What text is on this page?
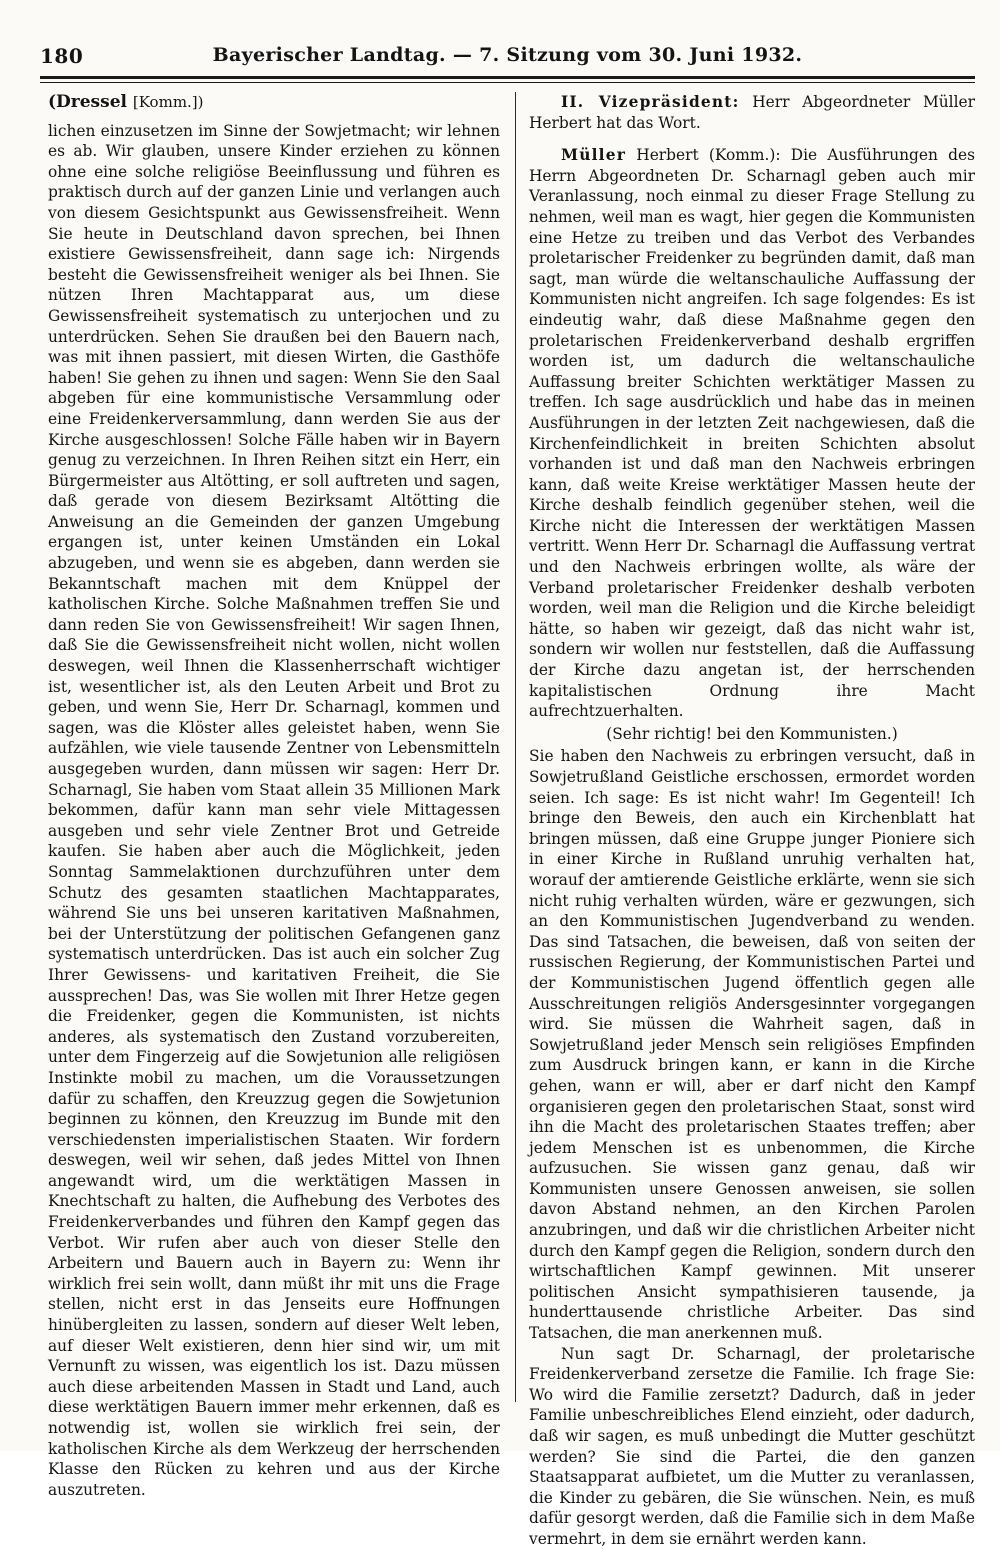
180	Bayerischer Landtag. — 7. Sitzung vom 30. Juni 1932.
(Dressel [Komm.])

lichen einzusetzen im Sinne der Sowjetmacht; wir lehnen es ab. Wir glauben, unsere Kinder erziehen zu können ohne eine solche religiöse Beeinflussung und führen es praktisch durch auf der ganzen Linie und verlangen auch von diesem Gesichtspunkt aus Gewissensfreiheit. Wenn Sie heute in Deutschland davon sprechen, bei Ihnen existiere Gewissensfreiheit, dann sage ich: Nirgends besteht die Gewissensfreiheit weniger als bei Ihnen. Sie nützen Ihren Machtapparat aus, um diese Gewissensfreiheit systematisch zu unterjochen und zu unterdrücken. Sehen Sie draußen bei den Bauern nach, was mit ihnen passiert, mit diesen Wirten, die Gasthöfe haben! Sie gehen zu ihnen und sagen: Wenn Sie den Saal abgeben für eine kommunistische Versammlung oder eine Freidenkerversammlung, dann werden Sie aus der Kirche ausgeschlossen! Solche Fälle haben wir in Bayern genug zu verzeichnen. In Ihren Reihen sitzt ein Herr, ein Bürgermeister aus Altötting, er soll auftreten und sagen, daß gerade von diesem Bezirksamt Altötting die Anweisung an die Gemeinden der ganzen Umgebung ergangen ist, unter keinen Umständen ein Lokal abzugeben, und wenn sie es abgeben, dann werden sie Bekanntschaft machen mit dem Knüppel der katholischen Kirche. Solche Maßnahmen treffen Sie und dann reden Sie von Gewissensfreiheit! Wir sagen Ihnen, daß Sie die Gewissensfreiheit nicht wollen, nicht wollen deswegen, weil Ihnen die Klassenherrschaft wichtiger ist, wesentlicher ist, als den Leuten Arbeit und Brot zu geben, und wenn Sie, Herr Dr. Scharnagl, kommen und sagen, was die Klöster alles geleistet haben, wenn Sie aufzählen, wie viele tausende Zentner von Lebensmitteln ausgegeben wurden, dann müssen wir sagen: Herr Dr. Scharnagl, Sie haben vom Staat allein 35 Millionen Mark bekommen, dafür kann man sehr viele Mittagessen ausgeben und sehr viele Zentner Brot und Getreide kaufen. Sie haben aber auch die Möglichkeit, jeden Sonntag Sammelaktionen durchzuführen unter dem Schutz des gesamten staatlichen Machtapparates, während Sie uns bei unseren karitativen Maßnahmen, bei der Unterstützung der politischen Gefangenen ganz systematisch unterdrücken. Das ist auch ein solcher Zug Ihrer Gewissens- und karitativen Freiheit, die Sie aussprechen! Das, was Sie wollen mit Ihrer Hetze gegen die Freidenker, gegen die Kommunisten, ist nichts anderes, als systematisch den Zustand vorzubereiten, unter dem Fingerzeig auf die Sowjetunion alle religiösen Instinkte mobil zu machen, um die Voraussetzungen dafür zu schaffen, den Kreuzzug gegen die Sowjetunion beginnen zu können, den Kreuzzug im Bunde mit den verschiedensten imperialistischen Staaten. Wir fordern deswegen, weil wir sehen, daß jedes Mittel von Ihnen angewandt wird, um die werktätigen Massen in Knechtschaft zu halten, die Aufhebung des Verbotes des Freidenkerverbandes und führen den Kampf gegen das Verbot. Wir rufen aber auch von dieser Stelle den Arbeitern und Bauern auch in Bayern zu: Wenn ihr wirklich frei sein wollt, dann müßt ihr mit uns die Frage stellen, nicht erst in das Jenseits eure Hoffnungen hinübergleiten zu lassen, sondern auf dieser Welt leben, auf dieser Welt existieren, denn hier sind wir, um mit Vernunft zu wissen, was eigentlich los ist. Dazu müssen auch diese arbeitenden Massen in Stadt und Land, auch diese werktätigen Bauern immer mehr erkennen, daß es notwendig ist, wollen sie wirklich frei sein, der katholischen Kirche als dem Werkzeug der herrschenden Klasse den Rücken zu kehren und aus der Kirche auszutreten.

II. Vizepräsident: Herr Abgeordneter Müller Herbert hat das Wort.

Müller Herbert (Komm.): Die Ausführungen des Herrn Abgeordneten Dr. Scharnagl geben auch mir Veranlassung, noch einmal zu dieser Frage Stellung zu nehmen, weil man es wagt, hier gegen die Kommunisten eine Hetze zu treiben und das Verbot des Verbandes proletarischer Freidenker zu begründen damit, daß man sagt, man würde die weltanschauliche Auffassung der Kommunisten nicht angreifen. Ich sage folgendes: Es ist eindeutig wahr, daß diese Maßnahme gegen den proletarischen Freidenkerverband deshalb ergriffen worden ist, um dadurch die weltanschauliche Auffassung breiter Schichten werktätiger Massen zu treffen. Ich sage ausdrücklich und habe das in meinen Ausführungen in der letzten Zeit nachgewiesen, daß die Kirchenfeindlichkeit in breiten Schichten absolut vorhanden ist und daß man den Nachweis erbringen kann, daß weite Kreise werktätiger Massen heute der Kirche deshalb feindlich gegenüber stehen, weil die Kirche nicht die Interessen der werktätigen Massen vertritt. Wenn Herr Dr. Scharnagl die Auffassung vertrat und den Nachweis erbringen wollte, als wäre der Verband proletarischer Freidenker deshalb verboten worden, weil man die Religion und die Kirche beleidigt hätte, so haben wir gezeigt, daß das nicht wahr ist, sondern wir wollen nur feststellen, daß die Auffassung der Kirche dazu angetan ist, der herrschenden kapitalistischen Ordnung ihre Macht aufrechtzuerhalten.

(Sehr richtig! bei den Kommunisten.)

Sie haben den Nachweis zu erbringen versucht, daß in Sowjetrußland Geistliche erschossen, ermordet worden seien. Ich sage: Es ist nicht wahr! Im Gegenteil! Ich bringe den Beweis, den auch ein Kirchenblatt hat bringen müssen, daß eine Gruppe junger Pioniere sich in einer Kirche in Rußland unruhig verhalten hat, worauf der amtierende Geistliche erklärte, wenn sie sich nicht ruhig verhalten würden, wäre er gezwungen, sich an den Kommunistischen Jugendverband zu wenden. Das sind Tatsachen, die beweisen, daß von seiten der russischen Regierung, der Kommunistischen Partei und der Kommunistischen Jugend öffentlich gegen alle Ausschreitungen religiös Andersgesinnter vorgegangen wird. Sie müssen die Wahrheit sagen, daß in Sowjetrußland jeder Mensch sein religiöses Empfinden zum Ausdruck bringen kann, er kann in die Kirche gehen, wann er will, aber er darf nicht den Kampf organisieren gegen den proletarischen Staat, sonst wird ihn die Macht des proletarischen Staates treffen; aber jedem Menschen ist es unbenommen, die Kirche aufzusuchen. Sie wissen ganz genau, daß wir Kommunisten unsere Genossen anweisen, sie sollen davon Abstand nehmen, an den Kirchen Parolen anzubringen, und daß wir die christlichen Arbeiter nicht durch den Kampf gegen die Religion, sondern durch den wirtschaftlichen Kampf gewinnen. Mit unserer politischen Ansicht sympathisieren tausende, ja hunderttausende christliche Arbeiter. Das sind Tatsachen, die man anerkennen muß.

Nun sagt Dr. Scharnagl, der proletarische Freidenkerverband zersetze die Familie. Ich frage Sie: Wo wird die Familie zersetzt? Dadurch, daß in jeder Familie unbeschreibliches Elend einzieht, oder dadurch, daß wir sagen, es muß unbedingt die Mutter geschützt werden? Sie sind die Partei, die den ganzen Staatsapparat aufbietet, um die Mutter zu veranlassen, die Kinder zu gebären, die Sie wünschen. Nein, es muß dafür gesorgt werden, daß die Familie sich in dem Maße vermehrt, in dem sie ernährt werden kann.
